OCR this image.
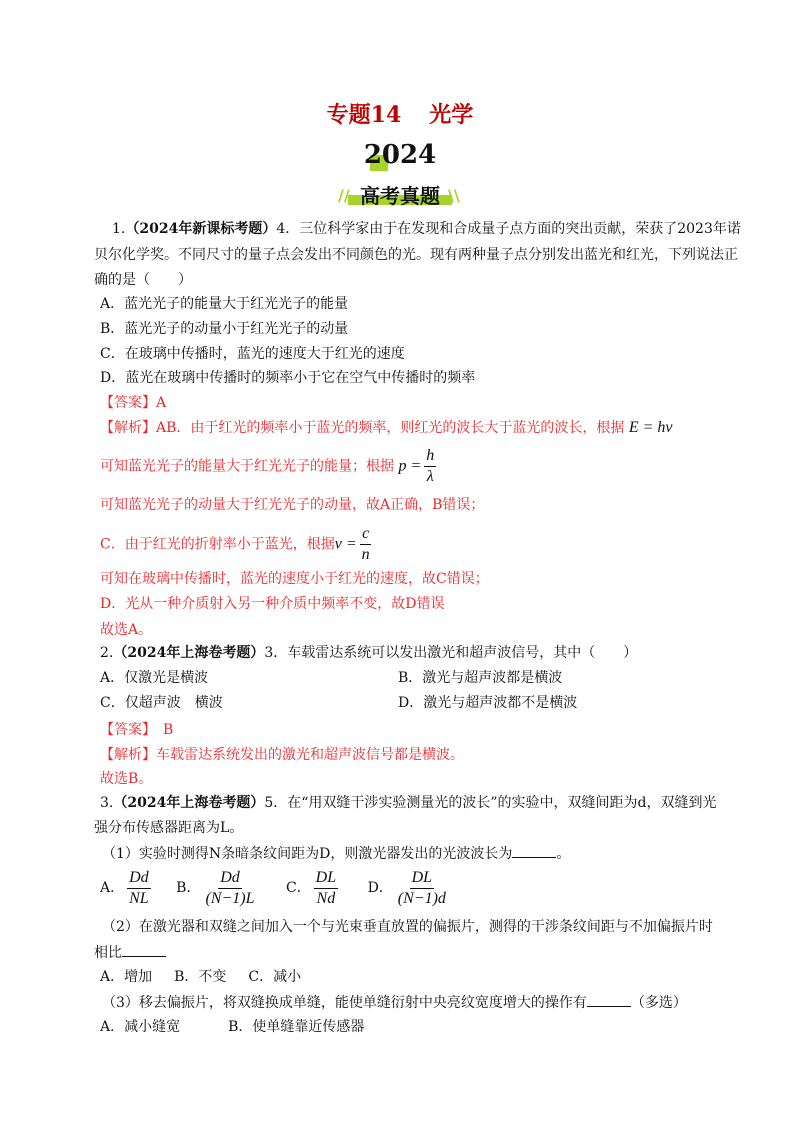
专题14 光学
2024
//	\\
高考真题
1.（2024年新课标考题）4．三位科学家由于在发现和合成量子点方面的突出贡献，荣获了2023年诺
贝尔化学奖。不同尺寸的量子点会发出不同颜色的光。现有两种量子点分别发出蓝光和红光，下列说法正
确的是（　　）
A．蓝光光子的能量大于红光光子的能量
B．蓝光光子的动量小于红光光子的动量
C．在玻璃中传播时，蓝光的速度大于红光的速度
D．蓝光在玻璃中传播时的频率小于它在空气中传播时的频率
【答案】A
【解析】AB．由于红光的频率小于蓝光的频率，则红光的波长大于蓝光的波长，根据 E = hν
可知蓝光光子的能量大于红光光子的能量；根据 $p = \frac{h}{\lambda}$
可知蓝光光子的动量大于红光光子的动量，故A正确，B错误；
C．由于红光的折射率小于蓝光，根据$v = \frac{c}{n}$
可知在玻璃中传播时，蓝光的速度小于红光的速度，故C错误；
D．光从一种介质射入另一种介质中频率不变，故D错误
故选A。
2.（2024年上海卷考题）3．车载雷达系统可以发出激光和超声波信号，其中（　　）
A．仅激光是横波	B．激光与超声波都是横波
C．仅超声波　横波	D．激光与超声波都不是横波
【答案】　B
【解析】车载雷达系统发出的激光和超声波信号都是横波。
故选B。
3.（2024年上海卷考题）5．在“用双缝干涉实验测量光的波长”的实验中，双缝间距为d，双缝到光
强分布传感器距离为L。
（1）实验时测得N条暗条纹间距为D，则激光器发出的光波波长为	。
A． $\frac{Dd}{NL}$ B． $\frac{Dd}{(N-1)L}$ C． $\frac{DL}{Nd}$ D． $\frac{DL}{(N-1)d}$
（2）在激光器和双缝之间加入一个与光束垂直放置的偏振片，测得的干涉条纹间距与不加偏振片时
相比
A．增加 B．不变 C．减小
（3）移去偏振片，将双缝换成单缝，能使单缝衍射中央亮纹宽度增大的操作有	（多选）
A．减小缝宽	B．使单缝靠近传感器
